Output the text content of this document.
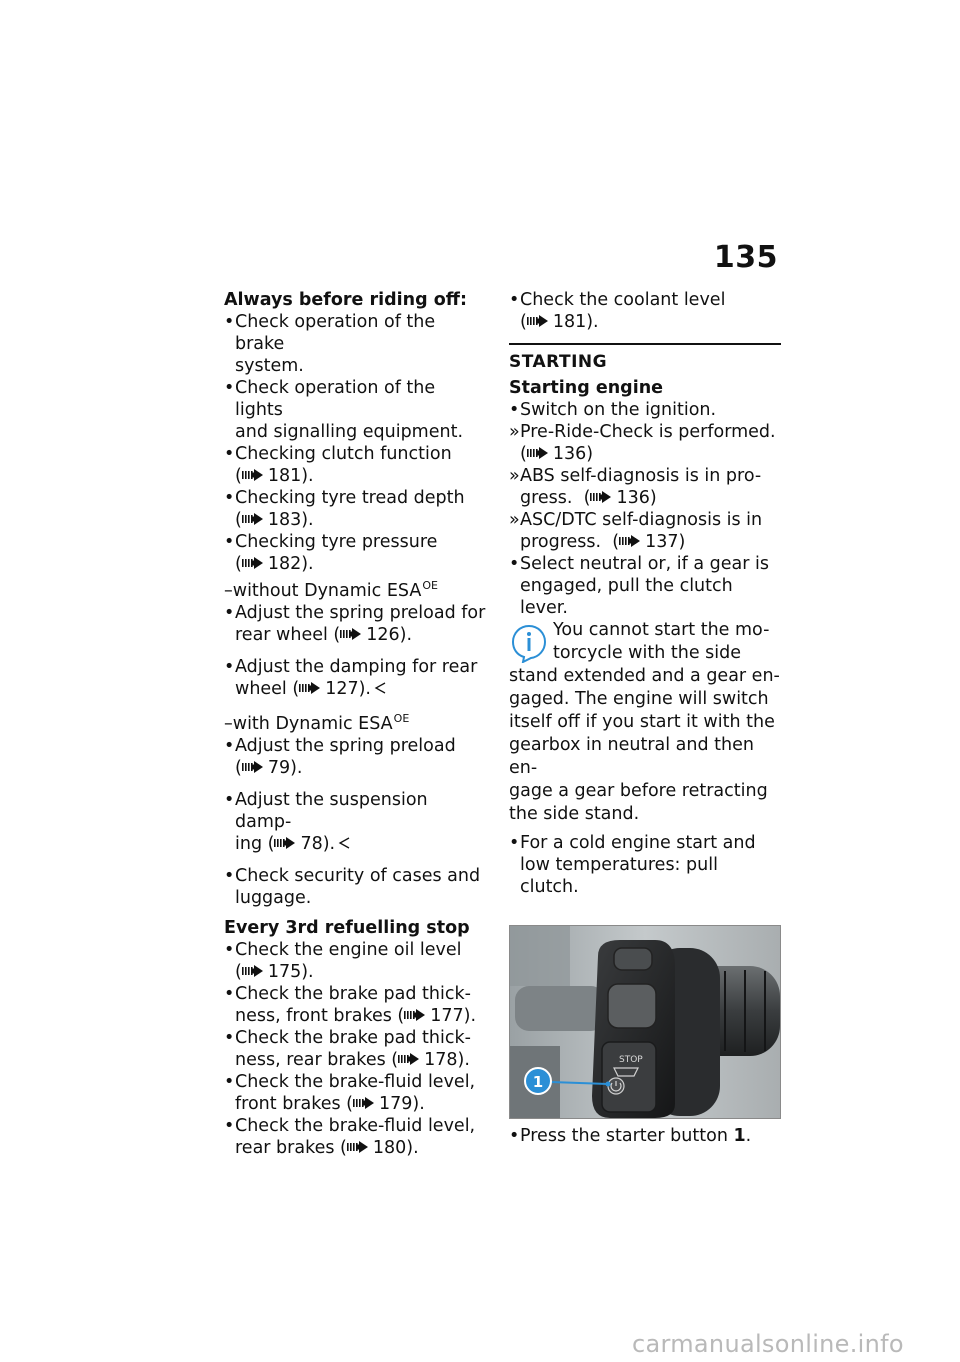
135

Always before riding off:

• Check operation of the brake
system.
• Check operation of the lights
and signalling equipment.
• Checking clutch function
( 181).
• Checking tyre tread depth
( 183).
• Checking tyre pressure
( 182).

–without Dynamic $ESA^{OE}$

• Adjust the spring preload for
rear wheel ( 126).
• Adjust the damping for rear
wheel ( 127).

–with Dynamic $ESA^{OE}$

• Adjust the spring preload
( 79).
• Adjust the suspension damp-
ing ( 78).
• Check security of cases and
luggage.

Every 3rd refuelling stop

• Check the engine oil level
( 175).
• Check the brake pad thick-
ness, front brakes ( 177).
• Check the brake pad thick-
ness, rear brakes ( 178).
• Check the brake-fluid level,
front brakes ( 179).
• Check the brake-fluid level,
rear brakes ( 180).
• Check the coolant level
( 181).

STARTING

Starting engine

• Switch on the ignition.
» Pre-Ride-Check is performed.
( 136)
» ABS self-diagnosis is in pro-
gress. ( 136)
» ASC/DTC self-diagnosis is in
progress. ( 137)
• Select neutral or, if a gear is
engaged, pull the clutch lever.
You cannot start the mo-
torcycle with the side
stand extended and a gear en-
gaged. The engine will switch
itself off if you start it with the
gearbox in neutral and then en-
gage a gear before retracting
the side stand.
• For a cold engine start and
low temperatures: pull clutch.
STOP
1
• Press the starter button 1.
carmanualsonline.info
